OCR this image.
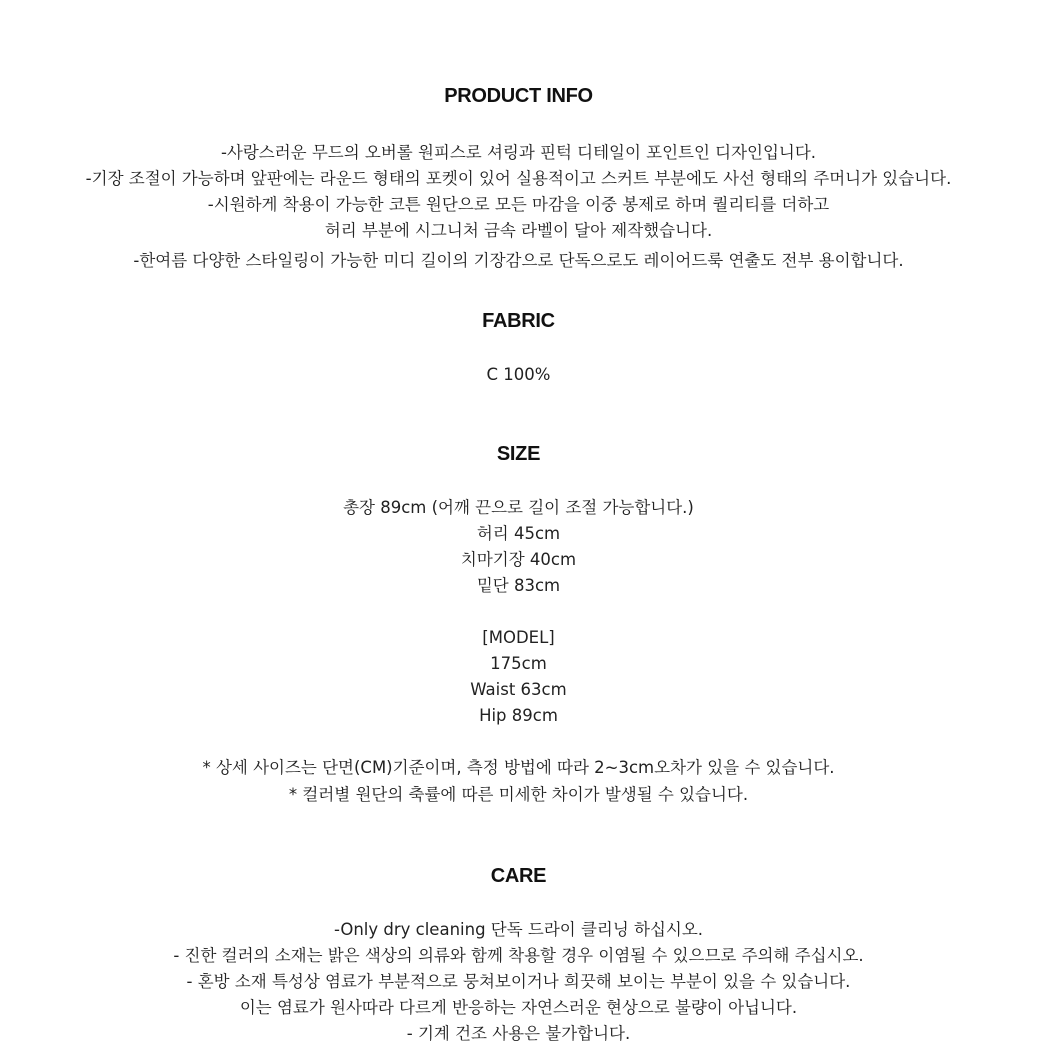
PRODUCT INFO
-사랑스러운 무드의 오버롤 원피스로 셔링과 핀턱 디테일이 포인트인 디자인입니다.
-기장 조절이 가능하며 앞판에는 라운드 형태의 포켓이 있어 실용적이고 스커트 부분에도 사선 형태의 주머니가 있습니다.
-시원하게 착용이 가능한 코튼 원단으로 모든 마감을 이중 봉제로 하며 퀄리티를 더하고
허리 부분에 시그니처 금속 라벨이 달아 제작했습니다.
-한여름 다양한 스타일링이 가능한 미디 길이의 기장감으로 단독으로도 레이어드룩 연출도 전부 용이합니다.
FABRIC
C 100%
SIZE
총장 89cm (어깨 끈으로 길이 조절 가능합니다.)
허리 45cm
치마기장 40cm
밑단 83cm
[MODEL]
175cm
Waist 63cm
Hip 89cm
* 상세 사이즈는 단면(CM)기준이며, 측정 방법에 따라 2~3cm오차가 있을 수 있습니다.
* 컬러별 원단의 축률에 따른 미세한 차이가 발생될 수 있습니다.
CARE
-Only dry cleaning 단독 드라이 클리닝 하십시오.
- 진한 컬러의 소재는 밝은 색상의 의류와 함께 착용할 경우 이염될 수 있으므로 주의해 주십시오.
- 혼방 소재 특성상 염료가 부분적으로 뭉쳐보이거나 희끗해 보이는 부분이 있을 수 있습니다.
이는 염료가 원사따라 다르게 반응하는 자연스러운 현상으로 불량이 아닙니다.
- 기계 건조 사용은 불가합니다.
